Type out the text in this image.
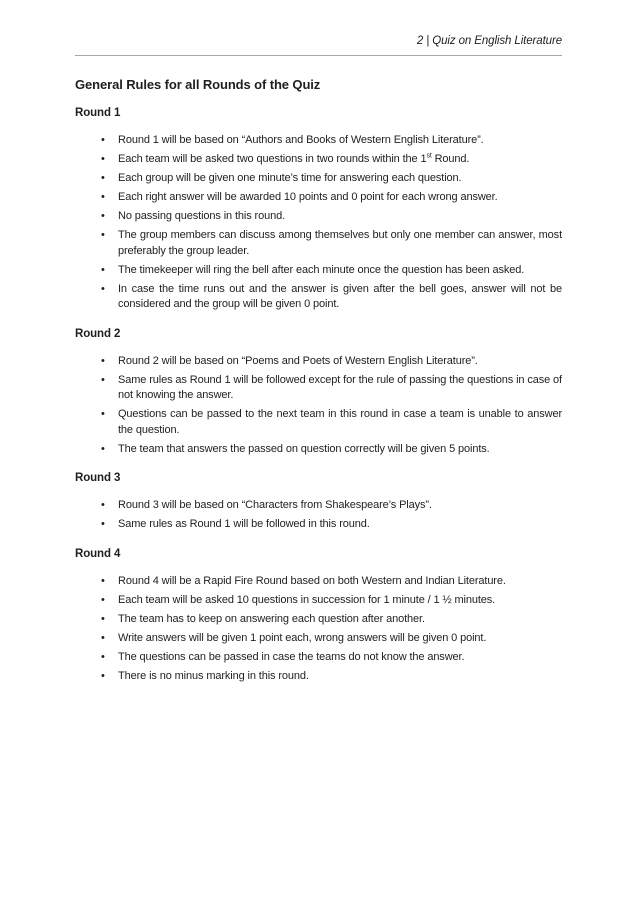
2 | Quiz on English Literature
General Rules for all Rounds of the Quiz
Round 1
• Round 1 will be based on “Authors and Books of Western English Literature”.
• Each team will be asked two questions in two rounds within the 1st Round.
• Each group will be given one minute’s time for answering each question.
• Each right answer will be awarded 10 points and 0 point for each wrong answer.
• No passing questions in this round.
• The group members can discuss among themselves but only one member can answer, most preferably the group leader.
• The timekeeper will ring the bell after each minute once the question has been asked.
• In case the time runs out and the answer is given after the bell goes, answer will not be considered and the group will be given 0 point.
Round 2
• Round 2 will be based on “Poems and Poets of Western English Literature”.
• Same rules as Round 1 will be followed except for the rule of passing the questions in case of not knowing the answer.
• Questions can be passed to the next team in this round in case a team is unable to answer the question.
• The team that answers the passed on question correctly will be given 5 points.
Round 3
• Round 3 will be based on “Characters from Shakespeare’s Plays”.
• Same rules as Round 1 will be followed in this round.
Round 4
• Round 4 will be a Rapid Fire Round based on both Western and Indian Literature.
• Each team will be asked 10 questions in succession for 1 minute / 1 ½ minutes.
• The team has to keep on answering each question after another.
• Write answers will be given 1 point each, wrong answers will be given 0 point.
• The questions can be passed in case the teams do not know the answer.
• There is no minus marking in this round.
